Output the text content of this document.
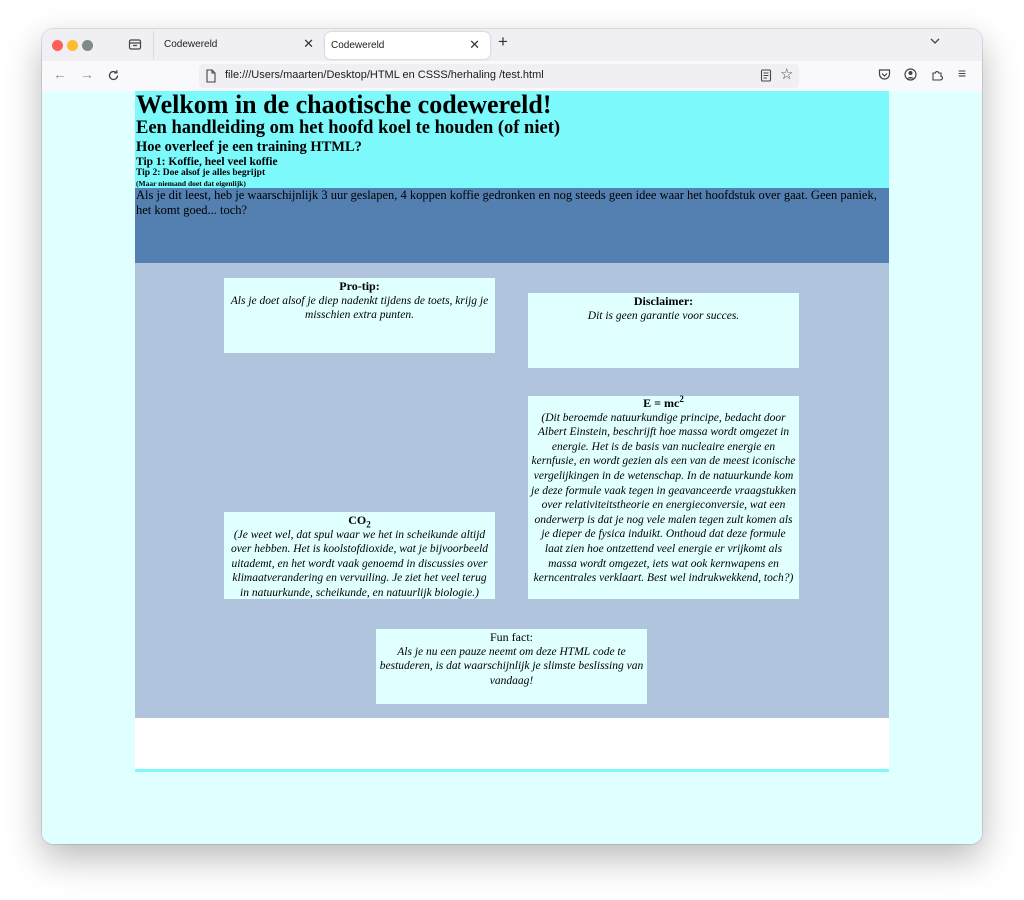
Codewereld	✕ Codewereld	✕ +
← →	file:///Users/maarten/Desktop/HTML en CSSS/herhaling /test.html	☆	≡
Welkom in de chaotische codewereld!
Een handleiding om het hoofd koel te houden (of niet)
Hoe overleef je een training HTML?
Tip 1: Koffie, heel veel koffie
Tip 2: Doe alsof je alles begrijpt
(Maar niemand doet dat eigenlijk)
Als je dit leest, heb je waarschijnlijk 3 uur geslapen, 4 koppen koffie gedronken en nog steeds geen idee waar het hoofdstuk over gaat. Geen paniek, het komt goed... toch?
Pro-tip:
Als je doet alsof je diep nadenkt tijdens de toets, krijg je misschien extra punten.
Disclaimer:
Dit is geen garantie voor succes.
$E = mc^2$
(Dit beroemde natuurkundige principe, bedacht door Albert Einstein, beschrijft hoe massa wordt omgezet in energie. Het is de basis van nucleaire energie en kernfusie, en wordt gezien als een van de meest iconische vergelijkingen in de wetenschap. In de natuurkunde kom je deze formule vaak tegen in geavanceerde vraagstukken over relativiteitstheorie en energieconversie, wat een onderwerp is dat je nog vele malen tegen zult komen als je dieper de fysica induikt. Onthoud dat deze formule laat zien hoe ontzettend veel energie er vrijkomt als massa wordt omgezet, iets wat ook kernwapens en kerncentrales verklaart. Best wel indrukwekkend, toch?)
$CO_2$
(Je weet wel, dat spul waar we het in scheikunde altijd over hebben. Het is koolstofdioxide, wat je bijvoorbeeld uitademt, en het wordt vaak genoemd in discussies over klimaatverandering en vervuiling. Je ziet het veel terug in natuurkunde, scheikunde, en natuurlijk biologie.)
Fun fact:
Als je nu een pauze neemt om deze HTML code te bestuderen, is dat waarschijnlijk je slimste beslissing van vandaag!
